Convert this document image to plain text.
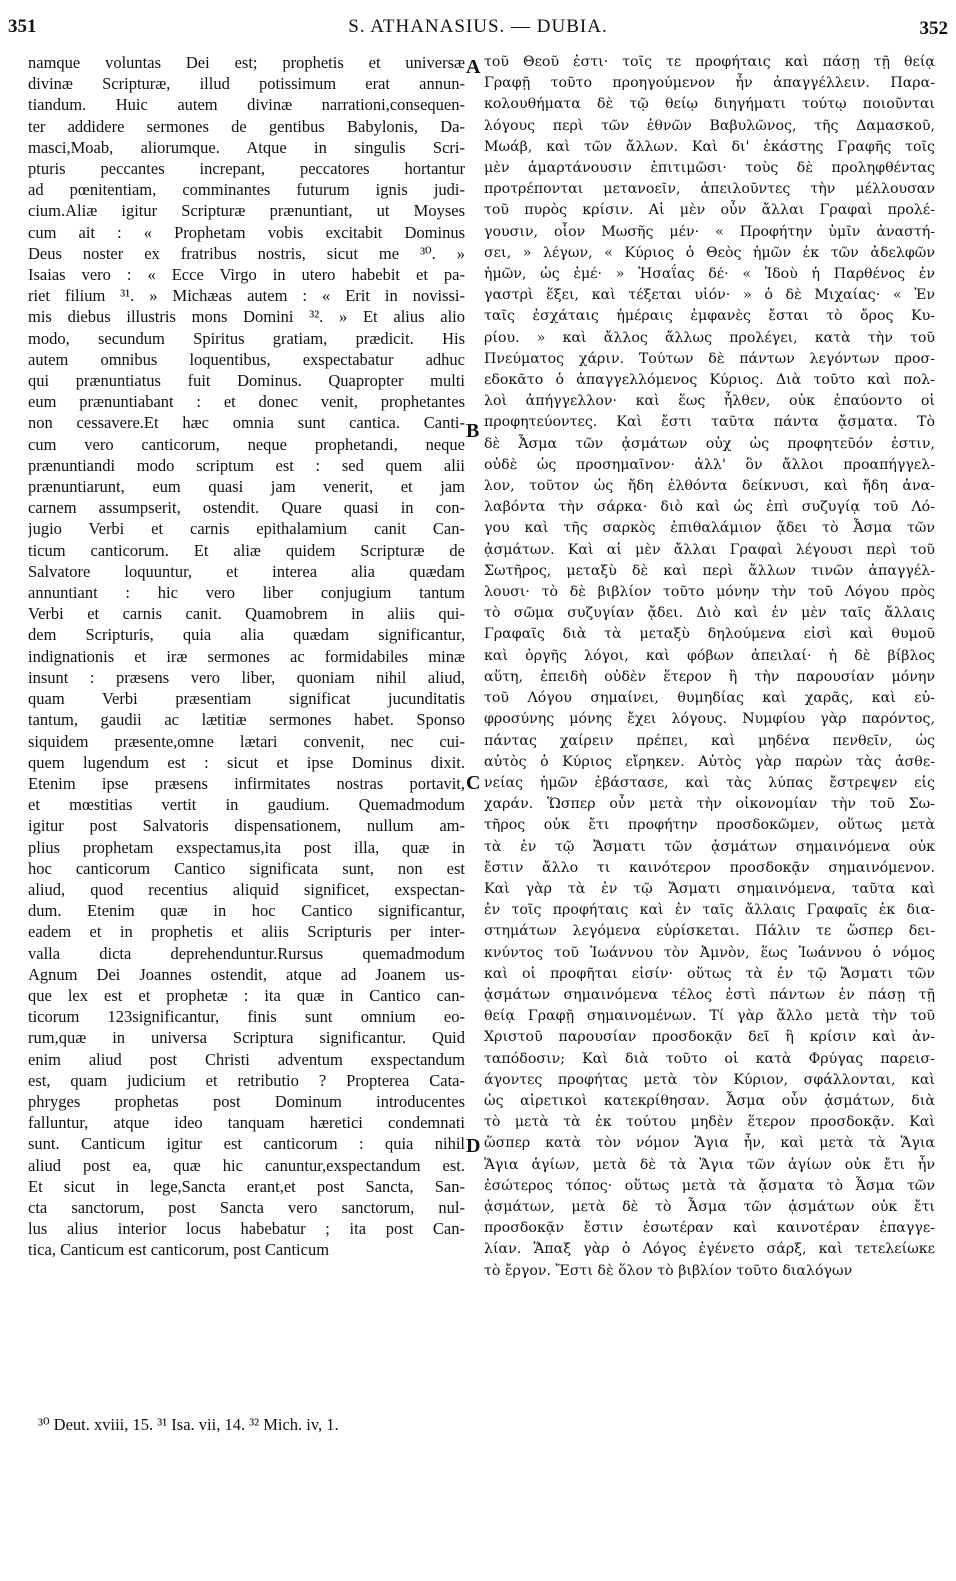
351	S. ATHANASIUS. — DUBIA.	352
namque voluntas Dei est; prophetis et universæ
divinæ Scripturæ, illud potissimum erat annun-
tiandum. Huic autem divinæ narrationi,consequen-
ter addidere sermones de gentibus Babylonis, Da-
masci,Moab, aliorumque. Atque in singulis Scri-
pturis peccantes increpant, peccatores hortantur
ad pœnitentiam, comminantes futurum ignis judi-
cium.Aliæ igitur Scripturæ prænuntiant, ut Moyses
cum ait : « Prophetam vobis excitabit Dominus
Deus noster ex fratribus nostris, sicut me ³⁰. »
Isaias vero : « Ecce Virgo in utero habebit et pa-
riet filium ³¹. » Michæas autem : « Erit in novissi-
mis diebus illustris mons Domini ³². » Et alius alio
modo, secundum Spiritus gratiam, prædicit. His
autem omnibus loquentibus, exspectabatur adhuc
qui prænuntiatus fuit Dominus. Quapropter multi
eum prænuntiabant : et donec venit, prophetantes
non cessavere.Et hæc omnia sunt cantica. Canti-
cum vero canticorum, neque prophetandi, neque
prænuntiandi modo scriptum est : sed quem alii
prænuntiarunt, eum quasi jam venerit, et jam
carnem assumpserit, ostendit. Quare quasi in con-
jugio Verbi et carnis epithalamium canit Can-
ticum canticorum. Et aliæ quidem Scripturæ de
Salvatore loquuntur, et interea alia quædam
annuntiant : hic vero liber conjugium tantum
Verbi et carnis canit. Quamobrem in aliis qui-
dem Scripturis, quia alia quædam significantur,
indignationis et iræ sermones ac formidabiles minæ
insunt : præsens vero liber, quoniam nihil aliud,
quam Verbi præsentiam significat jucunditatis
tantum, gaudii ac lætitiæ sermones habet. Sponso
siquidem præsente,omne lætari convenit, nec cui-
quem lugendum est : sicut et ipse Dominus dixit.
Etenim ipse præsens infirmitates nostras portavit,
et mœstitias vertit in gaudium. Quemadmodum
igitur post Salvatoris dispensationem, nullum am-
plius prophetam exspectamus,ita post illa, quæ in
hoc canticorum Cantico significata sunt, non est
aliud, quod recentius aliquid significet, exspectan-
dum. Etenim quæ in hoc Cantico significantur,
eadem et in prophetis et aliis Scripturis per inter-
valla dicta deprehenduntur.Rursus quemadmodum
Agnum Dei Joannes ostendit, atque ad Joanem us-
que lex est et prophetæ : ita quæ in Cantico can-
ticorum 123significantur, finis sunt omnium eo-
rum,quæ in universa Scriptura significantur. Quid
enim aliud post Christi adventum exspectandum
est, quam judicium et retributio ? Propterea Cata-
phryges prophetas post Dominum introducentes
falluntur, atque ideo tanquam hæretici condemnati
sunt. Canticum igitur est canticorum : quia nihil
aliud post ea, quæ hic canuntur,exspectandum est.
Et sicut in lege,Sancta erant,et post Sancta, San-
cta sanctorum, post Sancta vero sanctorum, nul-
lus alius interior locus habebatur ; ita post Can-
tica, Canticum est canticorum, post Canticum
A
B
C
D
τοῦ Θεοῦ ἐστι· τοῖς τε προφήταις καὶ πάσῃ τῇ θείᾳ
Γραφῇ τοῦτο προηγούμενον ἦν ἀπαγγέλλειν. Παρα-
κολουθήματα δὲ τῷ θείῳ διηγήματι τούτῳ ποιοῦνται
λόγους περὶ τῶν ἐθνῶν Βαβυλῶνος, τῆς Δαμασκοῦ,
Μωάβ, καὶ τῶν ἄλλων. Καὶ δι' ἑκάστης Γραφῆς τοῖς
μὲν ἁμαρτάνουσιν ἐπιτιμῶσι· τοὺς δὲ προληφθέντας
προτρέπονται μετανοεῖν, ἀπειλοῦντες τὴν μέλλουσαν
τοῦ πυρὸς κρίσιν. Αἱ μὲν οὖν ἄλλαι Γραφαὶ προλέ-
γουσιν, οἷον Μωσῆς μέν· « Προφήτην ὑμῖν ἀναστή-
σει, » λέγων, « Κύριος ὁ Θεὸς ἡμῶν ἐκ τῶν ἀδελφῶν
ἡμῶν, ὡς ἐμέ· » Ἡσαΐας δέ· « Ἰδοὺ ἡ Παρθένος ἐν
γαστρὶ ἕξει, καὶ τέξεται υἱόν· » ὁ δὲ Μιχαίας· « Ἐν
ταῖς ἐσχάταις ἡμέραις ἐμφανὲς ἔσται τὸ ὄρος Κυ-
ρίου. » καὶ ἄλλος ἄλλως προλέγει, κατὰ τὴν τοῦ
Πνεύματος χάριν. Τούτων δὲ πάντων λεγόντων προσ-
εδοκᾶτο ὁ ἀπαγγελλόμενος Κύριος. Διὰ τοῦτο καὶ πολ-
λοὶ ἀπήγγελλον· καὶ ἕως ἦλθεν, οὐκ ἐπαύοντο οἱ
προφητεύοντες. Καὶ ἔστι ταῦτα πάντα ᾄσματα. Τὸ
δὲ Ἆσμα τῶν ᾀσμάτων οὐχ ὡς προφητεῦόν ἐστιν,
οὐδὲ ὡς προσημαῖνον· ἀλλ' ὃν ἄλλοι προαπήγγελ-
λον, τοῦτον ὡς ἤδη ἐλθόντα δείκνυσι, καὶ ἤδη ἀνα-
λαβόντα τὴν σάρκα· διὸ καὶ ὡς ἐπὶ συζυγίᾳ τοῦ Λό-
γου καὶ τῆς σαρκὸς ἐπιθαλάμιον ᾄδει τὸ Ἆσμα τῶν
ᾀσμάτων. Καὶ αἱ μὲν ἄλλαι Γραφαὶ λέγουσι περὶ τοῦ
Σωτῆρος, μεταξὺ δὲ καὶ περὶ ἄλλων τινῶν ἀπαγγέλ-
λουσι· τὸ δὲ βιβλίον τοῦτο μόνην τὴν τοῦ Λόγου πρὸς
τὸ σῶμα συζυγίαν ᾄδει. Διὸ καὶ ἐν μὲν ταῖς ἄλλαις
Γραφαῖς διὰ τὰ μεταξὺ δηλούμενα εἰσὶ καὶ θυμοῦ
καὶ ὀργῆς λόγοι, καὶ φόβων ἀπειλαί· ἡ δὲ βίβλος
αὕτη, ἐπειδὴ οὐδὲν ἕτερον ἢ τὴν παρουσίαν μόνην
τοῦ Λόγου σημαίνει, θυμηδίας καὶ χαρᾶς, καὶ εὐ-
φροσύνης μόνης ἔχει λόγους. Νυμφίου γὰρ παρόντος,
πάντας χαίρειν πρέπει, καὶ μηδένα πενθεῖν, ὡς
αὐτὸς ὁ Κύριος εἴρηκεν. Αὐτὸς γὰρ παρὼν τὰς ἀσθε-
νείας ἡμῶν ἐβάστασε, καὶ τὰς λύπας ἔστρεψεν εἰς
χαράν. Ὥσπερ οὖν μετὰ τὴν οἰκονομίαν τὴν τοῦ Σω-
τῆρος οὐκ ἔτι προφήτην προσδοκῶμεν, οὕτως μετὰ
τὰ ἐν τῷ Ἄσματι τῶν ᾀσμάτων σημαινόμενα οὐκ
ἔστιν ἄλλο τι καινότερον προσδοκᾷν σημαινόμενον.
Καὶ γὰρ τὰ ἐν τῷ Ἄσματι σημαινόμενα, ταῦτα καὶ
ἐν τοῖς προφήταις καὶ ἐν ταῖς ἄλλαις Γραφαῖς ἐκ δια-
στημάτων λεγόμενα εὑρίσκεται. Πάλιν τε ὥσπερ δει-
κνύντος τοῦ Ἰωάννου τὸν Ἀμνὸν, ἕως Ἰωάννου ὁ νόμος
καὶ οἱ προφῆται εἰσίν· οὕτως τὰ ἐν τῷ Ἄσματι τῶν
ᾀσμάτων σημαινόμενα τέλος ἐστὶ πάντων ἐν πάσῃ τῇ
θείᾳ Γραφῇ σημαινομένων. Τί γὰρ ἄλλο μετὰ τὴν τοῦ
Χριστοῦ παρουσίαν προσδοκᾷν δεῖ ἢ κρίσιν καὶ ἀν-
ταπόδοσιν; Καὶ διὰ τοῦτο οἱ κατὰ Φρύγας παρεισ-
άγοντες προφήτας μετὰ τὸν Κύριον, σφάλλονται, καὶ
ὡς αἱρετικοὶ κατεκρίθησαν. Ἆσμα οὖν ᾀσμάτων, διὰ
τὸ μετὰ τὰ ἐκ τούτου μηδὲν ἕτερον προσδοκᾷν. Καὶ
ὥσπερ κατὰ τὸν νόμον Ἅγια ἦν, καὶ μετὰ τὰ Ἅγια
Ἅγια ἁγίων, μετὰ δὲ τὰ Ἅγια τῶν ἁγίων οὐκ ἔτι ἦν
ἐσώτερος τόπος· οὕτως μετὰ τὰ ᾄσματα τὸ Ἆσμα τῶν
ᾀσμάτων, μετὰ δὲ τὸ Ἆσμα τῶν ᾀσμάτων οὐκ ἔτι
προσδοκᾷν ἔστιν ἐσωτέραν καὶ καινοτέραν ἐπαγγε-
λίαν. Ἅπαξ γὰρ ὁ Λόγος ἐγένετο σάρξ, καὶ τετελείωκε
τὸ ἔργον. Ἔστι δὲ ὅλον τὸ βιβλίον τοῦτο διαλόγων
³⁰ Deut. xviii, 15. ³¹ Isa. vii, 14. ³² Mich. iv, 1.
